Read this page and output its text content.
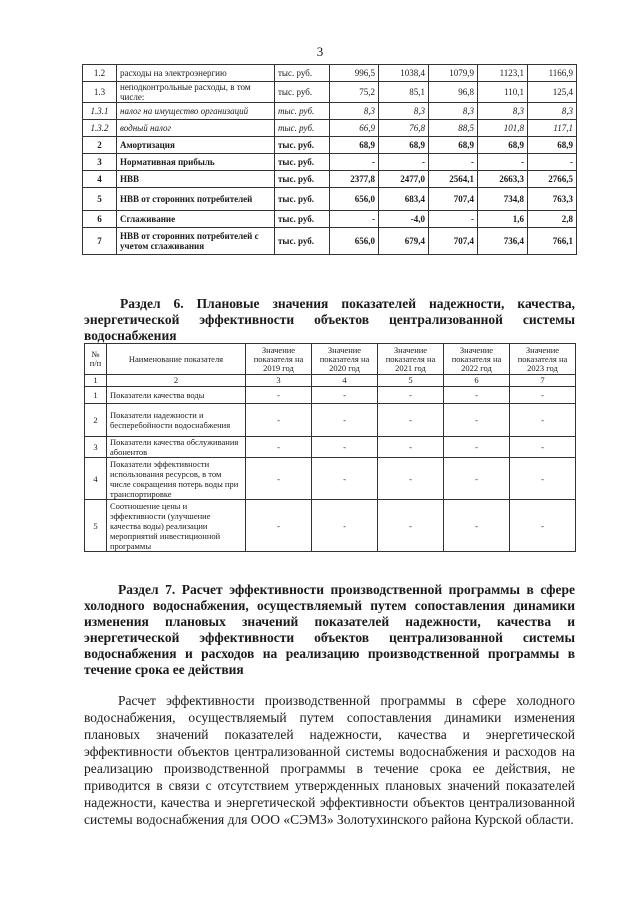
3
1.2	расходы на электроэнергию	тыс. руб.	996,5	1038,4	1079,9	1123,1	1166,9
1.3	неподконтрольные расходы, в том числе:	тыс. руб.	75,2	85,1	96,8	110,1	125,4
1.3.1	налог на имущество организаций	тыс. руб.	8,3	8,3	8,3	8,3	8,3
1.3.2	водный налог	тыс. руб.	66,9	76,8	88,5	101,8	117,1
2	Амортизация	тыс. руб.	68,9	68,9	68,9	68,9	68,9
3	Нормативная прибыль	тыс. руб.	-	-	-	-	-
4	НВВ	тыс. руб.	2377,8	2477,0	2564,1	2663,3	2766,5
5	НВВ от сторонних потребителей	тыс. руб.	656,0	683,4	707,4	734,8	763,3
6	Сглаживание	тыс. руб.	-	-4,0	-	1,6	2,8
7	НВВ от сторонних потребителей с учетом сглаживания	тыс. руб.	656,0	679,4	707,4	736,4	766,1
Раздел 6. Плановые значения показателей надежности, качества, энергетической эффективности объектов централизованной системы водоснабжения
№ п/п	Наименование показателя	Значение показателя на 2019 год	Значение показателя на 2020 год	Значение показателя на 2021 год	Значение показателя на 2022 год	Значение показателя на 2023 год
1	2	3	4	5	6	7
1	Показатели качества воды	-	-	-	-	-
2	Показатели надежности и бесперебойности водоснабжения	-	-	-	-	-
3	Показатели качества обслуживания абонентов	-	-	-	-	-
4	Показатели эффективности использования ресурсов, в том числе сокращения потерь воды при транспортировке	-	-	-	-	-
5	Соотношение цены и эффективности (улучшение качества воды) реализации мероприятий инвестиционной программы	-	-	-	-	-
Раздел 7. Расчет эффективности производственной программы в сфере холодного водоснабжения, осуществляемый путем сопоставления динамики изменения плановых значений показателей надежности, качества и энергетической эффективности объектов централизованной системы водоснабжения и расходов на реализацию производственной программы в течение срока ее действия
Расчет эффективности производственной программы в сфере холодного водоснабжения, осуществляемый путем сопоставления динамики изменения плановых значений показателей надежности, качества и энергетической эффективности объектов централизованной системы водоснабжения и расходов на реализацию производственной программы в течение срока ее действия, не приводится в связи с отсутствием утвержденных плановых значений показателей надежности, качества и энергетической эффективности объектов централизованной системы водоснабжения для ООО «СЭМЗ» Золотухинского района Курской области.
